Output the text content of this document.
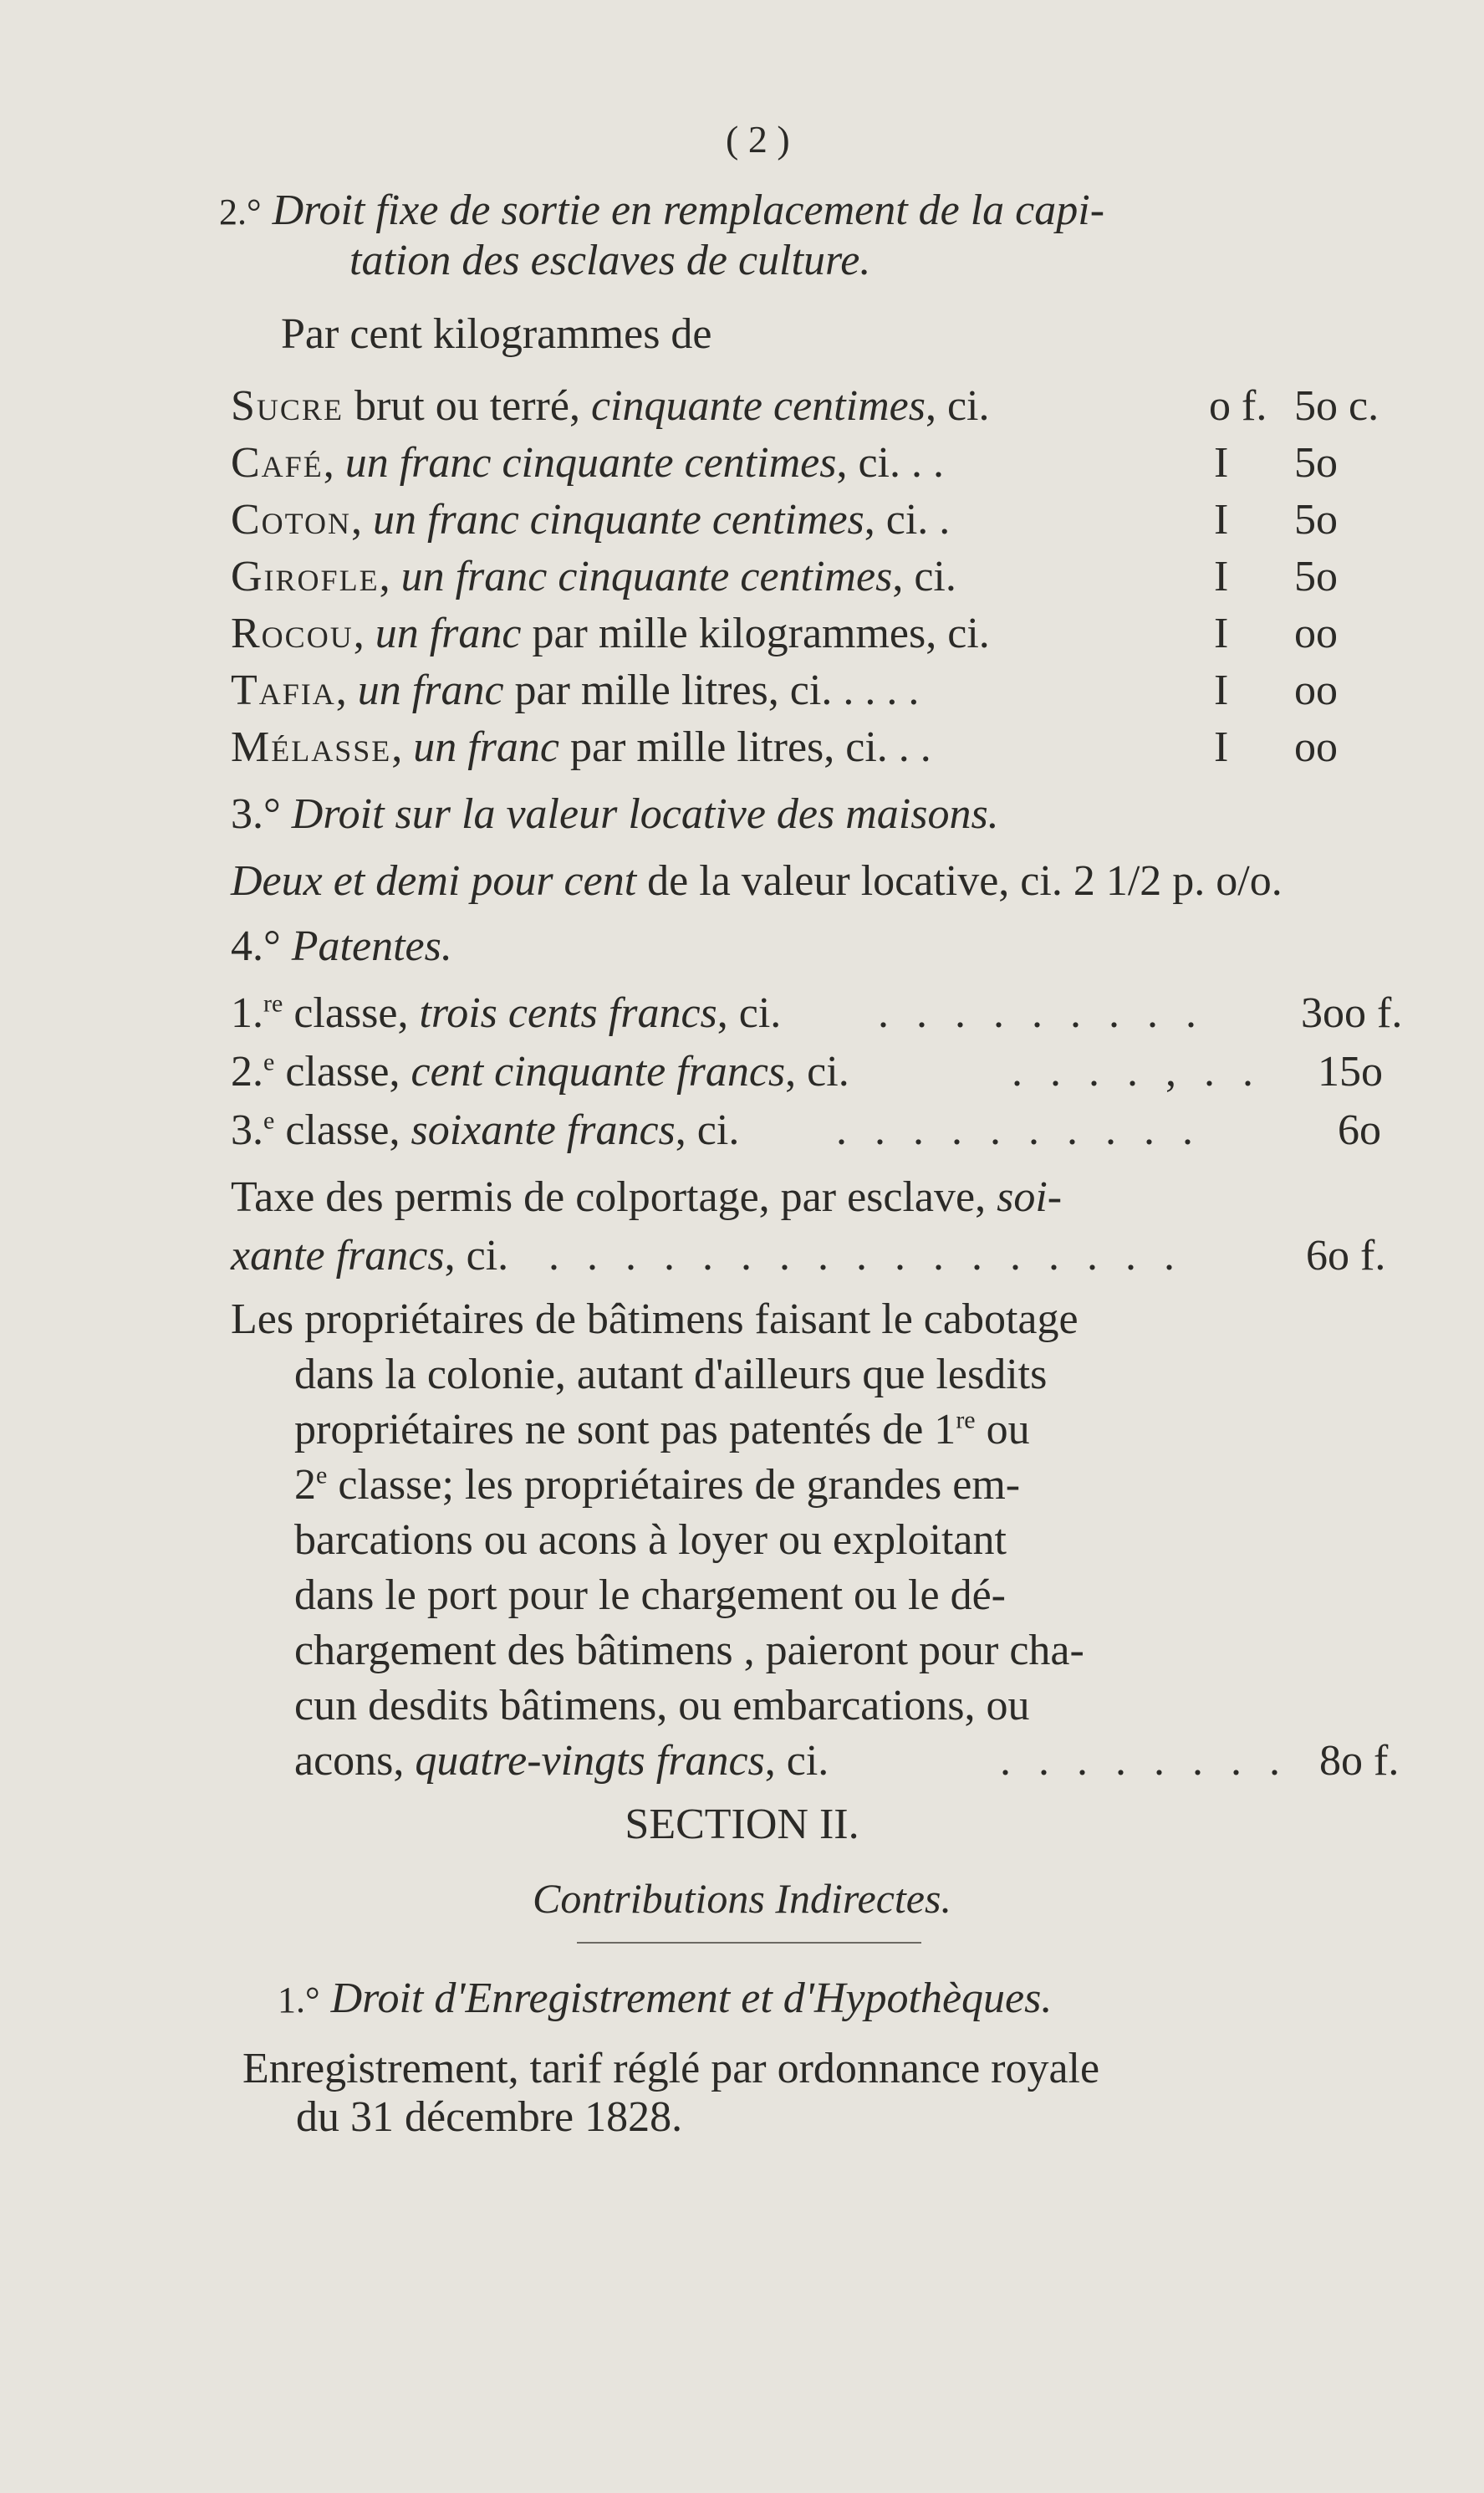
( 2 )
2.° Droit fixe de sortie en remplacement de la capi-
tation des esclaves de culture.
Par cent kilogrammes de
Sucre brut ou terré, cinquante centimes, ci.	o f. 5o c.
Café, un franc cinquante centimes, ci. . .	I 5o
Coton, un franc cinquante centimes, ci. .	I 5o
Girofle, un franc cinquante centimes, ci.	I 5o
Rocou, un franc par mille kilogrammes, ci.	I oo
Tafia, un franc par mille litres, ci. . . . .	I oo
Mélasse, un franc par mille litres, ci. . .	I oo
3.° Droit sur la valeur locative des maisons.
Deux et demi pour cent de la valeur locative, ci. 2 1/2 p. o/o.
4.° Patentes.
1.$^{re}$ classe, trois cents francs, ci. . . . . . . . . . 3oo f.
2.$^e$ classe, cent cinquante francs, ci.	. . . . , . . 15o
3.$^e$ classe, soixante francs, ci. . . . . . . . . . .	6o
Taxe des permis de colportage, par esclave, soi-
xante francs, ci. . . . . . . . . . . . . . . . . .	6o f.
Les propriétaires de bâtimens faisant le cabotage
dans la colonie, autant d'ailleurs que lesdits
propriétaires ne sont pas patentés de 1re ou
2e classe; les propriétaires de grandes em-
barcations ou acons à loyer ou exploitant
dans le port pour le chargement ou le dé-
chargement des bâtimens , paieront pour cha-
cun desdits bâtimens, ou embarcations, ou
acons, quatre-vingts francs, ci.	. . . . . . . . 8o f.
SECTION II.
Contributions Indirectes.
1.° Droit d'Enregistrement et d'Hypothèques.
Enregistrement, tarif réglé par ordonnance royale
du 31 décembre 1828.
